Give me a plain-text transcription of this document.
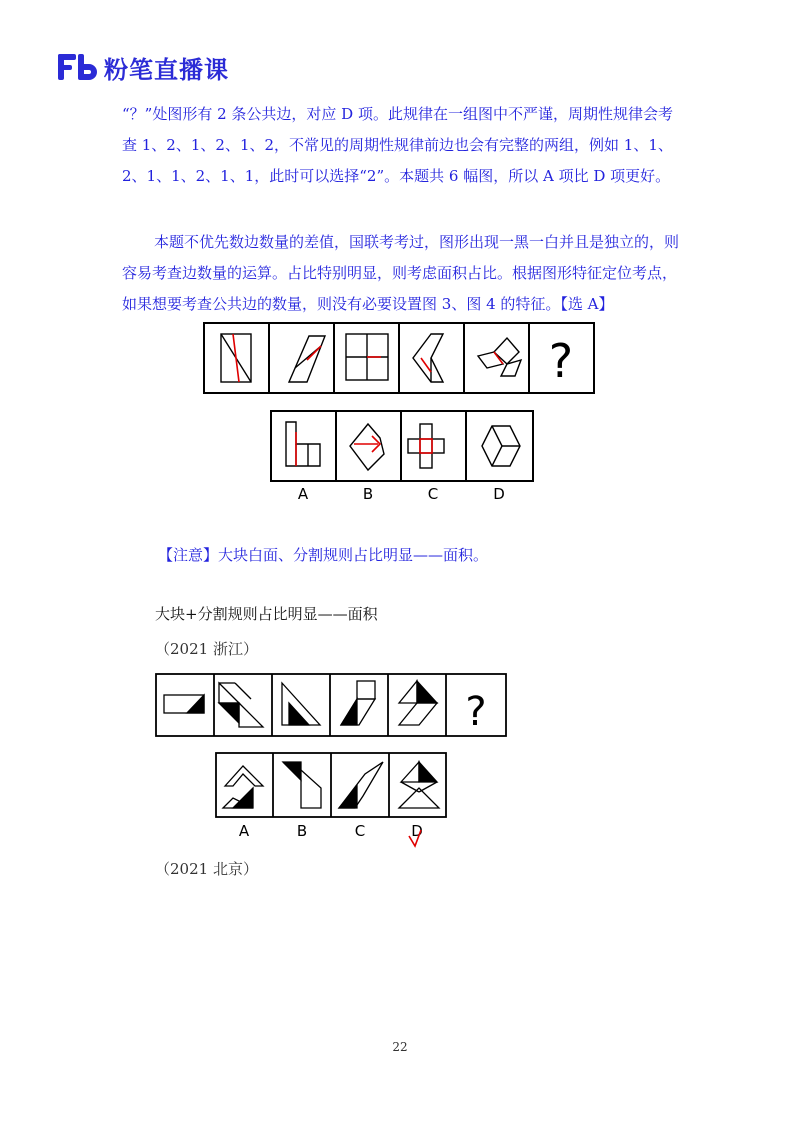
粉笔直播课
“？”处图形有 2 条公共边，对应 D 项。此规律在一组图中不严谨，周期性规律会考查 1、2、1、2、1、2，不常见的周期性规律前边也会有完整的两组，例如 1、1、2、1、1、2、1、1，此时可以选择“2”。本题共 6 幅图，所以 A 项比 D 项更好。
本题不优先数边数量的差值，国联考考过，图形出现一黑一白并且是独立的，则容易考查边数量的运算。占比特别明显，则考虑面积占比。根据图形特征定位考点，如果想要考查公共边的数量，则没有必要设置图 3、图 4 的特征。【选 A】
?
A	B	C	D
【注意】大块白面、分割规则占比明显——面积。
大块+分割规则占比明显——面积
（2021 浙江）
?
A	B	C	D
（2021 北京）
22
